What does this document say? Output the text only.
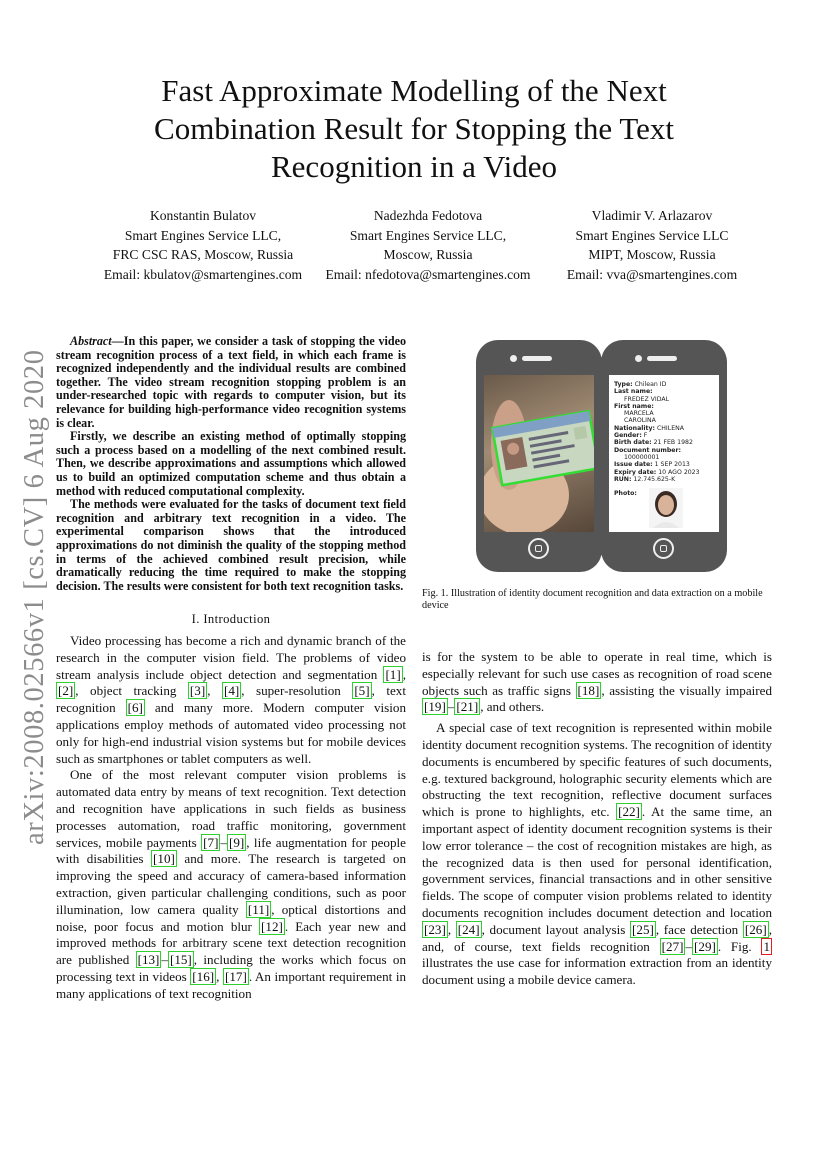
arXiv:2008.02566v1 [cs.CV] 6 Aug 2020
Fast Approximate Modelling of the Next
Combination Result for Stopping the Text
Recognition in a Video
Konstantin Bulatov
Smart Engines Service LLC,
FRC CSC RAS, Moscow, Russia
Email: kbulatov@smartengines.com
Nadezhda Fedotova
Smart Engines Service LLC,
Moscow, Russia
Email: nfedotova@smartengines.com
Vladimir V. Arlazarov
Smart Engines Service LLC
MIPT, Moscow, Russia
Email: vva@smartengines.com

Abstract—In this paper, we consider a task of stopping the video stream recognition process of a text field, in which each frame is recognized independently and the individual results are combined together. The video stream recognition stopping problem is an under-researched topic with regards to computer vision, but its relevance for building high-performance video recognition systems is clear.

Firstly, we describe an existing method of optimally stopping such a process based on a modelling of the next combined result. Then, we describe approximations and assumptions which allowed us to build an optimized computation scheme and thus obtain a method with reduced computational complexity.

The methods were evaluated for the tasks of document text field recognition and arbitrary text recognition in a video. The experimental comparison shows that the introduced approximations do not diminish the quality of the stopping method in terms of the achieved combined result precision, while dramatically reducing the time required to make the stopping decision. The results were consistent for both text recognition tasks.

I. Introduction

Video processing has become a rich and dynamic branch of the research in the computer vision field. The problems of video stream analysis include object detection and segmentation [1] , [2] , object tracking [3] , [4] , super-resolution [5] , text recognition [6] and many more. Modern computer vision applications employ methods of automated video processing not only for high-end industrial vision systems but for mobile devices such as smartphones or tablet computers as well.

One of the most relevant computer vision problems is automated data entry by means of text recognition. Text detection and recognition have applications in such fields as business processes automation, road traffic monitoring, government services, mobile payments [7] – [9] , life augmentation for people with disabilities [10] and more. The research is targeted on improving the speed and accuracy of camera-based information extraction, given particular challenging conditions, such as poor illumination, low camera quality [11] , optical distortions and noise, poor focus and motion blur [12] . Each year new and improved methods for arbitrary scene text detection recognition are published [13] – [15] , including the works which focus on processing text in videos [16] , [17] . An important requirement in many applications of text recognition

Type: Chilean ID
Last name:
FREDEZ VIDAL
First name:
MARCELA
CAROLINA
Nationality: CHILENA
Gender: F
Birth date: 21 FEB 1982
Document number:
100000001
Issue date: 1 SEP 2013
Expiry date: 10 AGO 2023
RUN: 12.745.625-K

Photo:
Fig. 1. Illustration of identity document recognition and data extraction on a mobile device

is for the system to be able to operate in real time, which is especially relevant for such use cases as recognition of road scene objects such as traffic signs [18] , assisting the visually impaired [19] – [21] , and others.

A special case of text recognition is represented within mobile identity document recognition systems. The recognition of identity documents is encumbered by specific features of such documents, e.g. textured background, holographic security elements which are obstructing the text recognition, reflective document surfaces which is prone to highlights, etc. [22] . At the same time, an important aspect of identity document recognition systems is their low error tolerance – the cost of recognition mistakes are high, as the recognized data is then used for personal identification, government services, financial transactions and in other sensitive fields. The scope of computer vision problems related to identity documents recognition includes document detection and location [23] , [24] , document layout analysis [25] , face detection [26] , and, of course, text fields recognition [27] – [29] . Fig. 1 illustrates the use case for information extraction from an identity document using a mobile device camera.
